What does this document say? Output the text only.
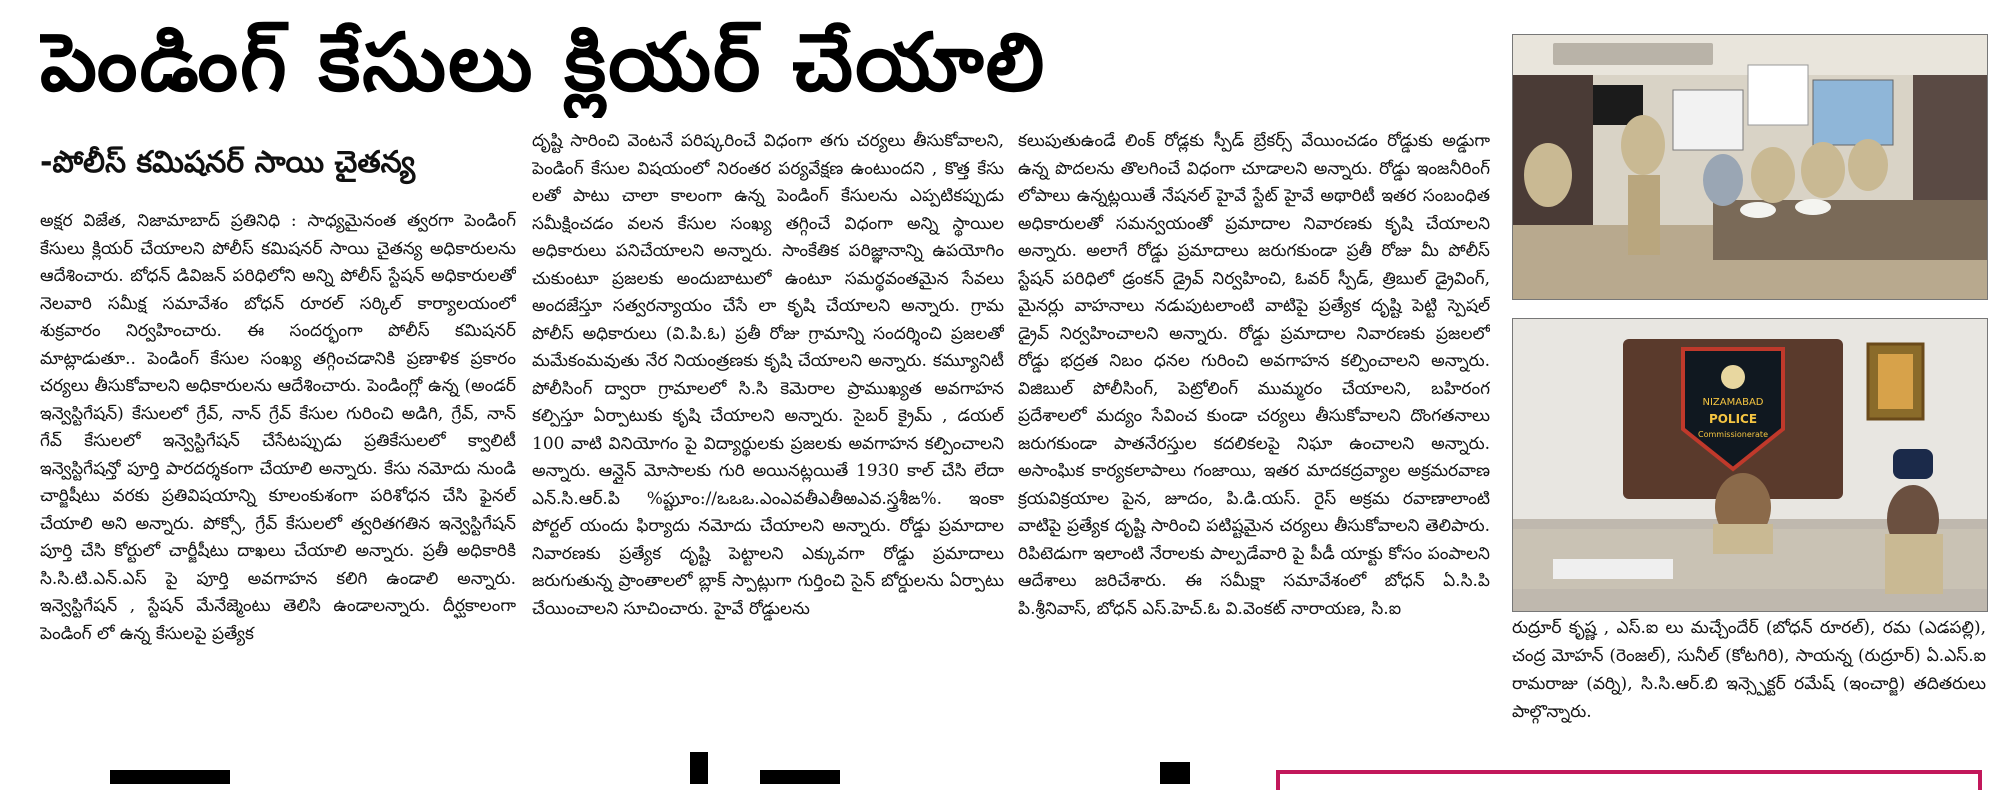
పెండింగ్ కేసులు క్లియర్ చేయాలి
-పోలీస్ కమిషనర్ సాయి చైతన్య

అక్షర విజేత, నిజామాబాద్ ప్రతినిధి : సాధ్యమైనంత త్వరగా పెండింగ్ కేసులు క్లియర్ చేయాలని పోలీస్ కమిషనర్ సాయి చైతన్య అధికారులను ఆదేశించారు. బోధన్ డివిజన్ పరిధిలోని అన్ని పోలీస్ స్టేషన్ అధికారులతో నెలవారి సమీక్ష సమావేశం బోధన్ రూరల్ సర్కిల్ కార్యాలయంలో శుక్రవారం నిర్వహించారు. ఈ సందర్భంగా పోలీస్ కమిషనర్ మాట్లాడుతూ.. పెండింగ్ కేసుల సంఖ్య తగ్గించడానికి ప్రణాళిక ప్రకారం చర్యలు తీసుకోవాలని అధికారులను ఆదేశించారు. పెండింగ్లో ఉన్న (అండర్ ఇన్వెస్టిగేషన్) కేసులలో గ్రేవ్, నాన్ గ్రేవ్ కేసుల గురించి అడిగి, గ్రేవ్, నాన్ గేవ్ కేసులలో ఇన్వెస్టిగేషన్ చేసేటప్పుడు ప్రతికేసులలో క్వాలిటీ ఇన్వెస్టిగేషన్తో పూర్తి పారదర్శకంగా చేయాలి అన్నారు. కేసు నమోదు నుండి చార్జిషీటు వరకు ప్రతివిషయాన్ని కూలంకుశంగా పరిశోధన చేసి ఫైనల్ చేయాలి అని అన్నారు. పోక్సో, గ్రేవ్ కేసులలో త్వరితగతిన ఇన్వెస్టిగేషన్ పూర్తి చేసి కోర్టులో చార్జీషీటు దాఖలు చేయాలి అన్నారు. ప్రతీ అధికారికి సి.సి.టి.ఎన్.ఎస్ పై పూర్తి అవగాహన కలిగి ఉండాలి అన్నారు. ఇన్వెస్టిగేషన్ , స్టేషన్ మేనేజ్మెంటు తెలిసి ఉండాలన్నారు. దీర్ఘకాలంగా పెండింగ్ లో ఉన్న కేసులపై ప్రత్యేక

దృష్టి సారించి వెంటనే పరిష్కరించే విధంగా తగు చర్యలు తీసుకోవాలని, పెండింగ్ కేసుల విషయంలో నిరంతర పర్యవేక్షణ ఉంటుందని , కొత్త కేసు లతో పాటు చాలా కాలంగా ఉన్న పెండింగ్ కేసులను ఎప్పటికప్పుడు సమీక్షించడం వలన కేసుల సంఖ్య తగ్గించే విధంగా అన్ని స్థాయిల అధికారులు పనిచేయాలని అన్నారు. సాంకేతిక పరిజ్ఞానాన్ని ఉపయోగిం చుకుంటూ ప్రజలకు అందుబాటులో ఉంటూ సమర్థవంతమైన సేవలు అందజేస్తూ సత్వరన్యాయం చేసే లా కృషి చేయాలని అన్నారు. గ్రామ పోలీస్ అధికారులు (వి.పి.ఓ) ప్రతీ రోజు గ్రామాన్ని సందర్శించి ప్రజలతో మమేకంమవుతు నేర నియంత్రణకు కృషి చేయాలని అన్నారు. కమ్యూనిటీ పోలీసింగ్ ద్వారా గ్రామాలలో సి.సి కెమెరాల ప్రాముఖ్యత అవగాహన కల్పిస్తూ ఏర్పాటుకు కృషి చేయాలని అన్నారు. సైబర్ క్రైమ్ , డయల్ 100 వాటి వినియోగం పై విద్యార్థులకు ప్రజలకు అవగాహన కల్పించాలని అన్నారు. ఆన్లైన్ మోసాలకు గురి అయినట్లయితే 1930 కాల్ చేసి లేదా ఎన్.సి.ఆర్.పి %ప్టుూం://ఒఒఒ.ఎంఎవతీఎతీఱఎవ.స్త్రశీఙ%. ఇంకా పోర్టల్ యందు ఫిర్యాదు నమోదు చేయాలని అన్నారు. రోడ్డు ప్రమాదాల నివారణకు ప్రత్యేక దృష్టి పెట్టాలని ఎక్కువగా రోడ్డు ప్రమాదాలు జరుగుతున్న ప్రాంతాలలో బ్లాక్ స్పాట్లుగా గుర్తించి సైన్ బోర్డులను ఏర్పాటు చేయించాలని సూచించారు. హైవే రోడ్డులను

కలుపుతుఉండే లింక్ రోడ్లకు స్పీడ్ బ్రేకర్స్ వేయించడం రోడ్డుకు అడ్డుగా ఉన్న పొదలను తొలగించే విధంగా చూడాలని అన్నారు. రోడ్డు ఇంజనీరింగ్ లోపాలు ఉన్నట్లయితే నేషనల్ హైవే స్టేట్ హైవే అథారిటీ ఇతర సంబంధిత అధికారులతో సమన్వయంతో ప్రమాదాల నివారణకు కృషి చేయాలని అన్నారు. అలాగే రోడ్డు ప్రమాదాలు జరుగకుండా ప్రతీ రోజు మీ పోలీస్ స్టేషన్ పరిధిలో డ్రంకన్ డ్రైవ్ నిర్వహించి, ఓవర్ స్పీడ్, త్రిబుల్ డ్రైవింగ్, మైనర్లు వాహనాలు నడుపుటలాంటి వాటిపై ప్రత్యేక దృష్టి పెట్టి స్పెషల్ డ్రైవ్ నిర్వహించాలని అన్నారు. రోడ్డు ప్రమాదాల నివారణకు ప్రజలలో రోడ్డు భద్రత నిబం ధనల గురించి అవగాహన కల్పించాలని అన్నారు. విజిబుల్ పోలీసింగ్, పెట్రోలింగ్ ముమ్మరం చేయాలని, బహిరంగ ప్రదేశాలలో మద్యం సేవించ కుండా చర్యలు తీసుకోవాలని దొంగతనాలు జరుగకుండా పాతనేరస్తుల కదలికలపై నిఘా ఉంచాలని అన్నారు. అసాంఘిక కార్యకలాపాలు గంజాయి, ఇతర మాదకద్రవ్యాల అక్రమరవాణ క్రయవిక్రయాల పైన, జూదం, పి.డి.యస్. రైస్ అక్రమ రవాణాలాంటి వాటిపై ప్రత్యేక దృష్టి సారించి పటిష్టమైన చర్యలు తీసుకోవాలని తెలిపారు. రిపిటెడుగా ఇలాంటి నేరాలకు పాల్పడేవారి పై పీడీ యాక్టు కోసం పంపాలని ఆదేశాలు జరిచేశారు. ఈ సమీక్షా సమావేశంలో బోధన్ ఏ.సి.పి పి.శ్రీనివాస్, బోధన్ ఎస్.హెచ్.ఓ వి.వెంకట్ నారాయణ, సి.ఐ

NIZAMABAD
POLICE
Commissionerate
రుద్రూర్ కృష్ణ , ఎస్.ఐ లు మచ్చేందేర్ (బోధన్ రూరల్), రమ (ఎడపల్లి), చంద్ర మోహన్ (రెంజల్), సునీల్ (కోటగిరి), సాయన్న (రుద్రూర్) ఏ.ఎస్.ఐ రామరాజు (వర్ని), సి.సి.ఆర్.బి ఇన్స్పెక్టర్ రమేష్ (ఇంచార్జి) తదితరులు పాల్గొన్నారు.
